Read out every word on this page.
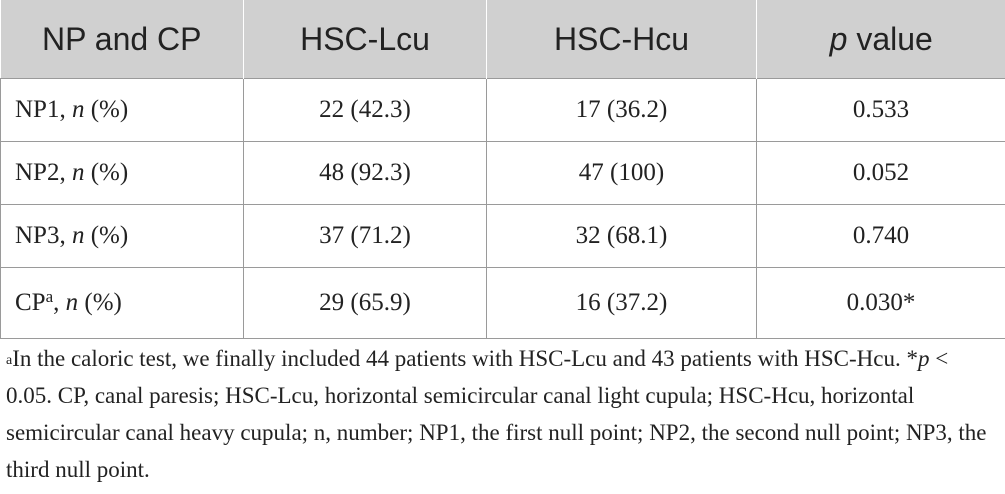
NP and CP	HSC-Lcu	HSC-Hcu	p value
NP1, n (%)	22 (42.3)	17 (36.2)	0.533
NP2, n (%)	48 (92.3)	47 (100)	0.052
NP3, n (%)	37 (71.2)	32 (68.1)	0.740
$CP^a$, n (%)	29 (65.9)	16 (37.2)	0.030*
$^a$In the caloric test, we finally included 44 patients with HSC-Lcu and 43 patients with HSC-Hcu. *p < 0.05. CP, canal paresis; HSC-Lcu, horizontal semicircular canal light cupula; HSC-Hcu, horizontal semicircular canal heavy cupula; n, number; NP1, the first null point; NP2, the second null point; NP3, the third null point.
